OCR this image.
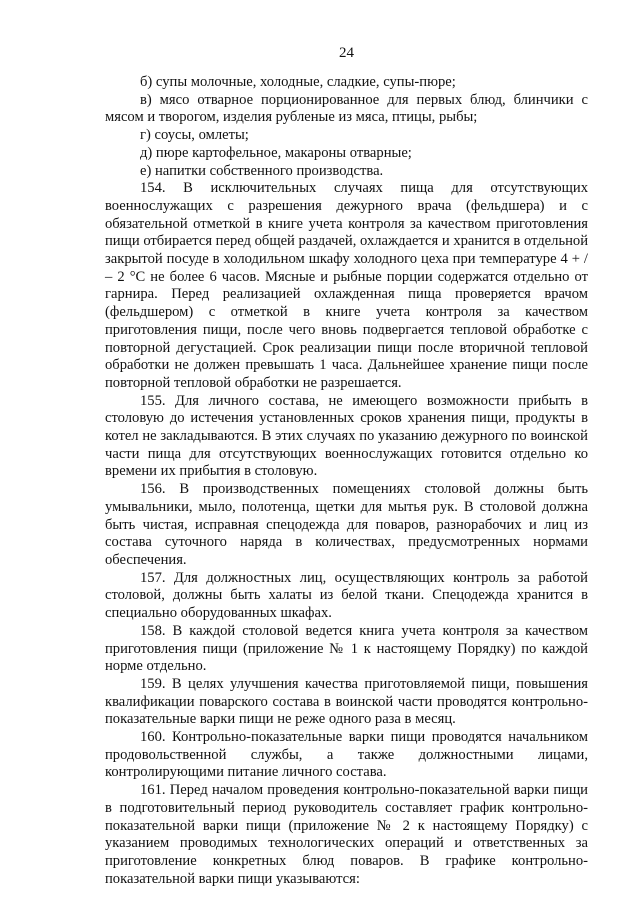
24

б) супы молочные, холодные, сладкие, супы-пюре;

в) мясо отварное порционированное для первых блюд, блинчики с мясом и творогом, изделия рубленые из мяса, птицы, рыбы;

г) соусы, омлеты;

д) пюре картофельное, макароны отварные;

е) напитки собственного производства.

154. В исключительных случаях пища для отсутствующих военнослужащих с разрешения дежурного врача (фельдшера) и с обязательной отметкой в книге учета контроля за качеством приготовления пищи отбирается перед общей раздачей, охлаждается и хранится в отдельной закрытой посуде в холодильном шкафу холодного цеха при температуре 4 + / – 2 °С не более 6 часов. Мясные и рыбные порции содержатся отдельно от гарнира. Перед реализацией охлажденная пища проверяется врачом (фельдшером) с отметкой в книге учета контроля за качеством приготовления пищи, после чего вновь подвергается тепловой обработке с повторной дегустацией. Срок реализации пищи после вторичной тепловой обработки не должен превышать 1 часа. Дальнейшее хранение пищи после повторной тепловой обработки не разрешается.

155. Для личного состава, не имеющего возможности прибыть в столовую до истечения установленных сроков хранения пищи, продукты в котел не закладываются. В этих случаях по указанию дежурного по воинской части пища для отсутствующих военнослужащих готовится отдельно ко времени их прибытия в столовую.

156. В производственных помещениях столовой должны быть умывальники, мыло, полотенца, щетки для мытья рук. В столовой должна быть чистая, исправная спецодежда для поваров, разнорабочих и лиц из состава суточного наряда в количествах, предусмотренных нормами обеспечения.

157. Для должностных лиц, осуществляющих контроль за работой столовой, должны быть халаты из белой ткани. Спецодежда хранится в специально оборудованных шкафах.

158. В каждой столовой ведется книга учета контроля за качеством приготовления пищи (приложение № 1 к настоящему Порядку) по каждой норме отдельно.

159. В целях улучшения качества приготовляемой пищи, повышения квалификации поварского состава в воинской части проводятся контрольно-показательные варки пищи не реже одного раза в месяц.

160. Контрольно-показательные варки пищи проводятся начальником продовольственной службы, а также должностными лицами, контролирующими питание личного состава.

161. Перед началом проведения контрольно-показательной варки пищи в подготовительный период руководитель составляет график контрольно-показательной варки пищи (приложение № 2 к настоящему Порядку) с указанием проводимых технологических операций и ответственных за приготовление конкретных блюд поваров. В графике контрольно-показательной варки пищи указываются:
